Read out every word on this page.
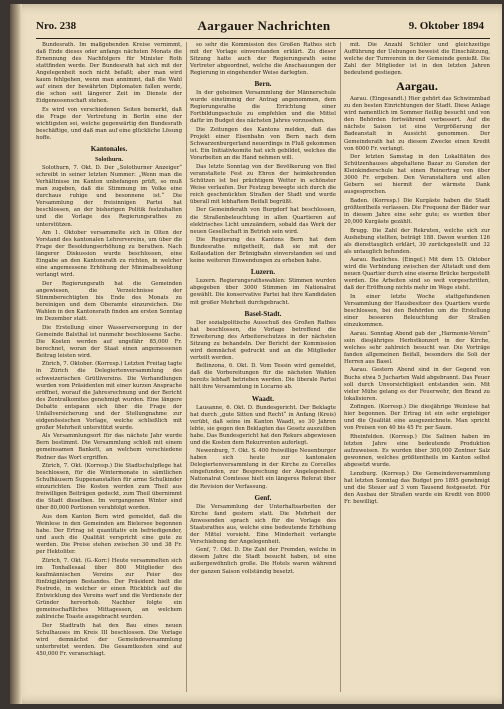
Nro. 238	Aargauer Nachrichten	9. Oktober 1894

Bundesrath. Im maßgebenden Kreise vernimmt, daß Ende dieses oder anfangs nächsten Monats die Ernennung des Nachfolgers für Minister Roth stattfinden werde. Der Bundesrath hat sich mit der Angelegenheit noch nicht befaßt; aber man wird kaum fehlgehen, wenn man annimmt, daß die Wahl auf einen der bewährten Diplomaten fallen werde, die schon seit längerer Zeit im Dienste der Eidgenossenschaft stehen.

Es wird von verschiedenen Seiten bemerkt, daß die Frage der Vertretung in Berlin eine der wichtigsten sei, welche gegenwärtig den Bundesrath beschäftige, und daß man auf eine glückliche Lösung hoffe.

Kantonales.
Solothurn.

Solothurn, 7. Okt. D. Der „Solothurner Anzeiger“ schreibt in seiner letzten Nummer: „Wenn man die Verhältnisse im Kanton unbefangen prüft, so muß man zugeben, daß die Stimmung im Volke eine durchaus ruhige und besonnene ist.“ Die Versammlung der freisinnigen Partei hat beschlossen, an der bisherigen Politik festzuhalten und die Vorlage des Regierungsrathes zu unterstützen.

Am 1. Oktober versammelte sich in Olten der Vorstand des kantonalen Lehrervereins, um über die Frage der Besoldungserhöhung zu berathen. Nach längerer Diskussion wurde beschlossen, eine Eingabe an den Kantonsrath zu richten, in welcher eine angemessene Erhöhung der Minimalbesoldung verlangt wird.

Der Regierungsrath hat die Gemeinden angewiesen, die Verzeichnisse der Stimmberechtigten bis Ende des Monats zu bereinigen und dem Oberamte einzureichen. Die Wahlen in den Kantonsrath finden am ersten Sonntag im Dezember statt.

Die Erstellung einer Wasserversorgung in der Gemeinde Balsthal ist nunmehr beschlossene Sache. Die Kosten werden auf ungefähr 85,000 Fr. berechnet, woran der Staat einen angemessenen Beitrag leisten wird.

Zürich, 7. Oktober. (Korresp.) Letzten Freitag tagte in Zürich die Delegiertenversammlung des schweizerischen Grütlivereins. Die Verhandlungen wurden vom Präsidenten mit einer kurzen Ansprache eröffnet, worauf die Jahresrechnung und der Bericht des Zentralkomites genehmigt wurden. Eine längere Debatte entspann sich über die Frage der Unfallversicherung und der Stellungnahme zur eidgenössischen Vorlage, welche schließlich mit großer Mehrheit unterstützt wurde.

Als Versammlungsort für das nächste Jahr wurde Bern bestimmt. Die Versammlung schloß mit einem gemeinsamen Bankett, an welchem verschiedene Redner das Wort ergriffen.

Zürich, 7. Okt. (Korresp.) Die Stadtschulpflege hat beschlossen, für die Wintermonate in sämtlichen Schulhäusern Suppenanstalten für arme Schulkinder einzurichten. Die Kosten werden zum Theil aus freiwilligen Beiträgen gedeckt, zum Theil übernimmt die Stadt dieselben. Im vergangenen Winter sind über 80,000 Portionen verabfolgt worden.

Aus dem Kanton Bern wird gemeldet, daß die Weinlese in den Gemeinden am Bielersee begonnen habe. Der Ertrag ist quantitativ ein befriedigender, und auch die Qualität verspricht eine gute zu werden. Die Preise stehen zwischen 30 und 38 Fr. per Hektoliter.

Zürich, 7. Okt. (G.-Korr.) Heute versammelten sich im Tonhallesaal über 800 Mitglieder des kaufmännischen Vereins zur Feier des fünfzigjährigen Bestandes. Der Präsident hielt die Festrede, in welcher er einen Rückblick auf die Entwicklung des Vereins warf und die Verdienste der Gründer hervorhob. Nachher folgte ein gemeinschaftliches Mittagessen, an welchem zahlreiche Toaste ausgebracht wurden.

Der Stadtrath hat den Bau eines neuen Schulhauses im Kreis III beschlossen. Die Vorlage wird demnächst der Gemeindeversammlung unterbreitet werden. Die Gesamtkosten sind auf 450,000 Fr. veranschlagt.

so sehr die Kommission des Großen Rathes sich mit der Vorlage einverstanden erklärt. Zu dieser Sitzung hatte auch der Regierungsrath seine Vertreter abgeordnet, welche die Anschauungen der Regierung in eingehender Weise darlegten.

Bern.

In der geheimen Versammlung der Männerschule wurde einstimmig der Antrag angenommen, dem Regierungsrathe die Errichtung einer Fortbildungsschule zu empfehlen und die Mittel dafür im Budget des nächsten Jahres vorzusehen.

Die Zeitungen des Kantons melden, daß das Projekt einer Eisenbahn von Bern nach dem Schwarzenburgerland neuerdings in Fluß gekommen ist. Ein Initiativkomite hat sich gebildet, welches die Vorarbeiten an die Hand nehmen will.

Das letzte Sonntag von der Bevölkerung von Biel veranstaltete Fest zu Ehren der heimkehrenden Schützen ist bei prächtigem Wetter in schönster Weise verlaufen. Der Festzug bewegte sich durch die reich geschmückten Straßen der Stadt und wurde überall mit lebhaftem Beifall begrüßt.

Der Gemeinderath von Burgdorf hat beschlossen, die Straßenbeleuchtung in allen Quartieren auf elektrisches Licht umzuändern, sobald das Werk der neuen Gesellschaft in Betrieb sein wird.

Die Regierung des Kantons Bern hat dem Bundesrathe mitgetheilt, daß sie mit der Kollaudation der Brünigbahn einverstanden sei und keine weiteren Einwendungen zu erheben habe.

Luzern.

Luzern. Regierungsrathswahlen: Stimmen wurden abgegeben über 3000 Stimmen im Nationalrat gewählt. Die konservative Partei hat ihre Kandidaten mit großer Mehrheit durchgebracht.

Basel-Stadt.

Der sozialpolitische Ausschuß des Großen Rathes hat beschlossen, die Vorlage betreffend die Erweiterung des Arbeiterschutzes in der nächsten Sitzung zu behandeln. Der Bericht der Kommission wird demnächst gedruckt und an die Mitglieder verteilt werden.

Bellinzona, 6. Okt. D. Vom Tessin wird gemeldet, daß die Vorbereitungen für die nächsten Wahlen bereits lebhaft betrieben werden. Die liberale Partei hält ihre Versammlung in Locarno ab.

Waadt.

Lausanne, 6. Okt. D. Bundesgericht. Der Beklagte hat durch „gute Sitten und Recht“ in Anfang (Kreis) verübt, daß seine im Kanton Waadt, so 30 Jahren lebte, sie gegen den Beklagten das Gesetz auszuüben habe. Das Bundesgericht hat den Rekurs abgewiesen und die Kosten dem Rekurrenten auferlegt.

Newenburg, 7. Okt. S. 400 freiwillige Neuenburger haben sich heute zur kantonalen Delegiertenversammlung in der Kirche zu Corcelles eingefunden, zur Besprechung der Angelegenheit. Nationalrat Comtesse hielt ein längeres Referat über die Revision der Verfassung.

Genf.

Die Versammlung der Unterhaltsarbeiten der Kirche fand gestern statt. Die Mehrheit der Anwesenden sprach sich für die Vorlage des Staatsrathes aus, welche eine bedeutende Erhöhung der Mittel vorsieht. Eine Minderheit verlangte Verschiebung der Angelegenheit.

Genf, 7. Okt. D. Die Zahl der Fremden, welche in diesem Jahre die Stadt besucht haben, ist eine außergewöhnlich große. Die Hotels waren während der ganzen Saison vollständig besetzt.

mit. Die Anzahl Schüler und gleichzeitige Aufführung der Uebungen beweist die Einschätzung, welche der Turnverein in der Gemeinde genießt. Die Zahl der Mitglieder ist in den letzten Jahren bedeutend gestiegen.

Aargau.

Aarau. (Eingesandt.) Hier gehört das Schwimmbad zu den besten Einrichtungen der Stadt. Diese Anlage wird namentlich im Sommer fleißig besucht und von den Behörden fortwährend verbessert. Auf die nächste Saison ist eine Vergrößerung der Badeanstalt in Aussicht genommen. Der Gemeinderath hat zu diesem Zwecke einen Kredit von 6000 Fr. verlangt.

Der letzten Samstag in den Lokalitäten des Schützenhauses abgehaltene Bazar zu Gunsten der Kleinkinderschule hat einen Reinertrag von über 3000 Fr. ergeben. Den Veranstaltern und allen Gebern sei hiermit der wärmste Dank ausgesprochen.

Baden. (Korresp.) Die Kurgäste haben die Stadt größtentheils verlassen. Die Frequenz der Bäder war in diesem Jahre eine sehr gute; es wurden über 20,000 Kurgäste gezählt.

Brugg. Die Zahl der Rekruten, welche sich zur Aushebung stellten, beträgt 188. Davon wurden 126 als diensttauglich erklärt, 30 zurückgestellt und 32 als untauglich befunden.

Aarau. Bauliches. (Eingef.) Mit dem 15. Oktober wird die Verbindung zwischen der Altstadt und dem neuen Quartier durch eine eiserne Brücke hergestellt werden. Die Arbeiten sind so weit vorgeschritten, daß der Eröffnung nichts mehr im Wege steht.

In einer letzte Woche stattgefundenen Versammlung der Hausbesitzer des Quartiers wurde beschlossen, bei den Behörden um die Erstellung einer besseren Beleuchtung der Straßen einzukommen.

Aarau. Sonntag Abend gab der „Harmonie-Verein“ sein diesjähriges Herbstkonzert in der Kirche, welches sehr zahlreich besucht war. Die Vorträge fanden allgemeinen Beifall, besonders die Soli der Herren aus Basel.

Aarau. Gestern Abend sind in der Gegend von Buchs etwa 5 Jucharten Wald abgebrannt. Das Feuer soll durch Unvorsichtigkeit entstanden sein. Mit vieler Mühe gelang es der Feuerwehr, den Brand zu lokalisieren.

Zofingen. (Korresp.) Die diesjährige Weinlese hat hier begonnen. Der Ertrag ist ein sehr ergiebiger und die Qualität eine ausgezeichnete. Man spricht von Preisen von 40 bis 45 Fr. per Saum.

Rheinfelden. (Korresp.) Die Salinen haben im letzten Jahre eine bedeutende Produktion aufzuweisen. Es wurden über 300,000 Zentner Salz gewonnen, welches größtentheils im Kanton selbst abgesetzt wurde.

Lenzburg. (Korresp.) Die Gemeindeversammlung hat letzten Sonntag das Budget pro 1895 genehmigt und die Steuer auf 3 vom Tausend festgesetzt. Für den Ausbau der Straßen wurde ein Kredit von 8000 Fr. bewilligt.
